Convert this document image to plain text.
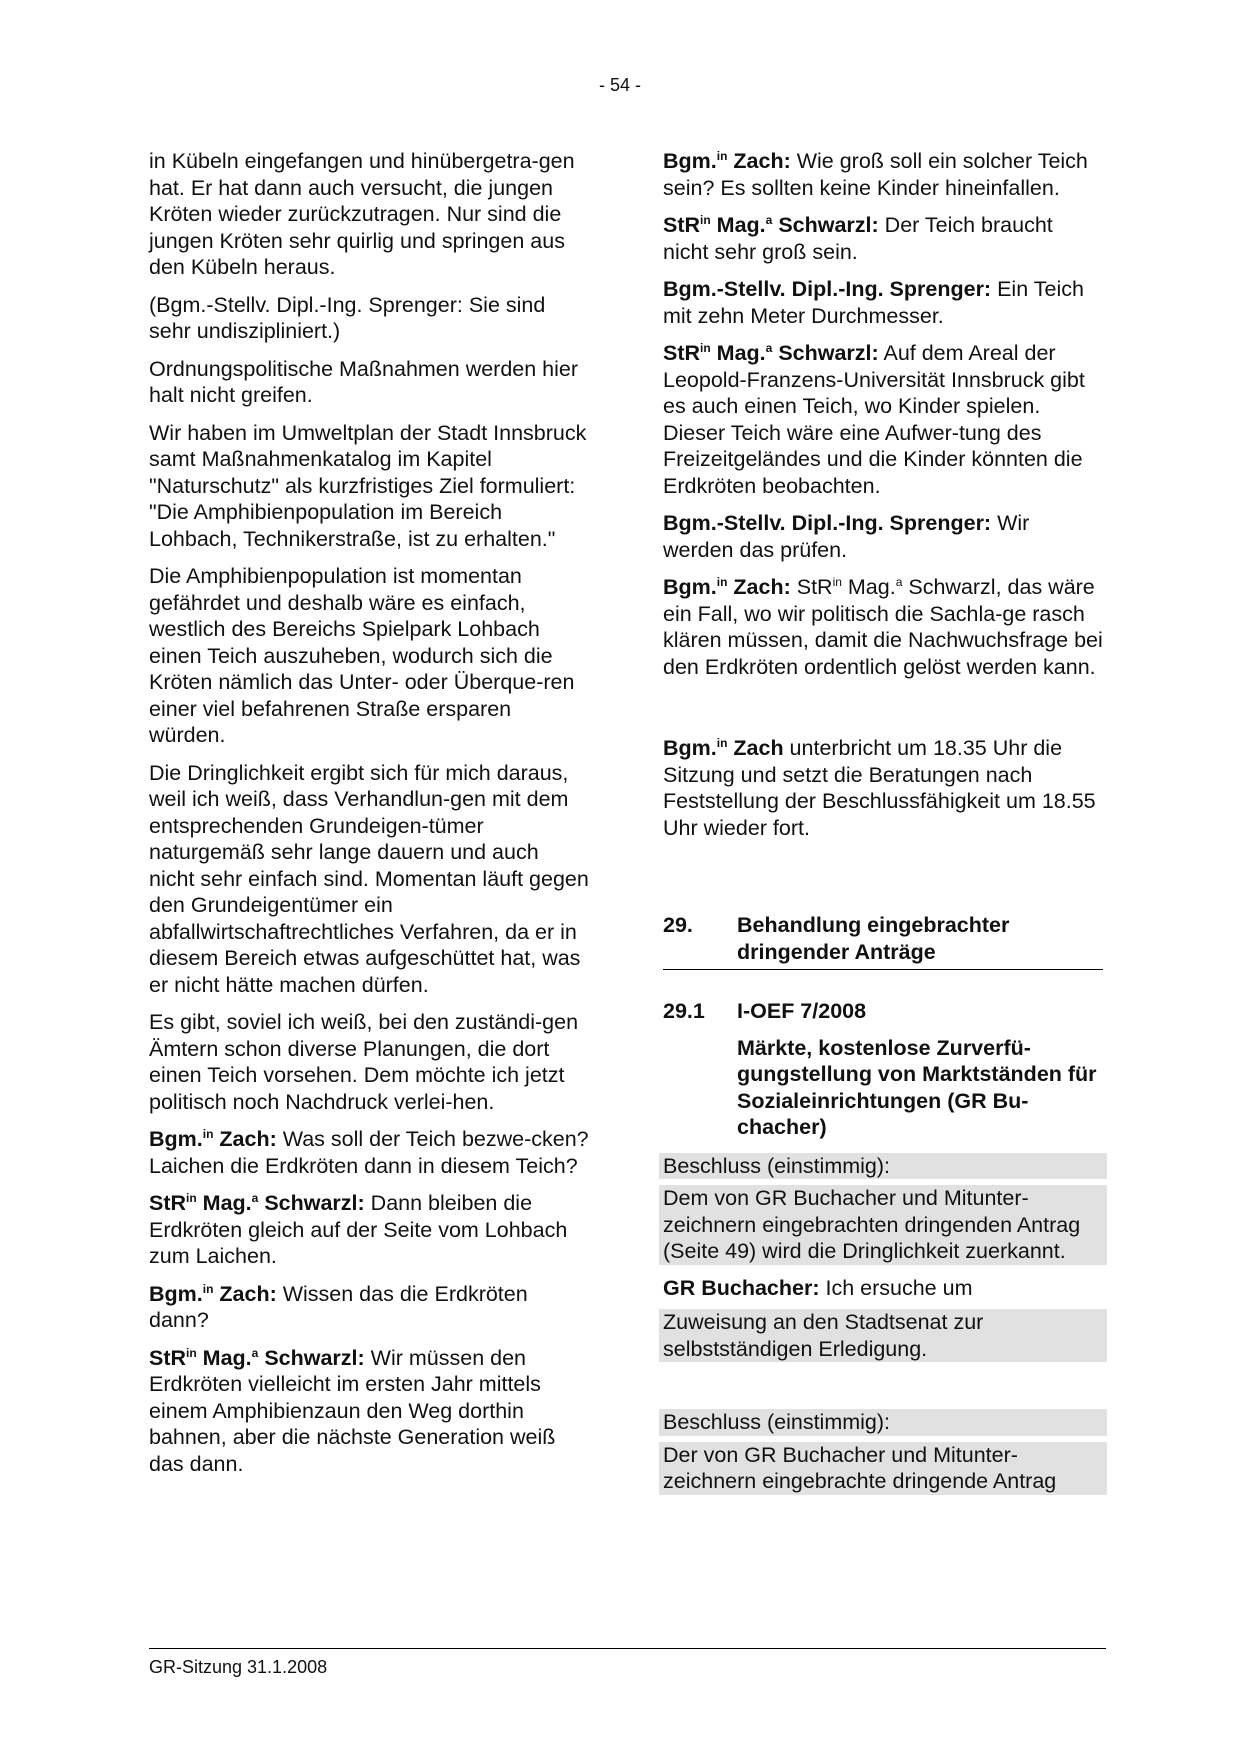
- 54 -

in Kübeln eingefangen und hinübergetra-gen hat. Er hat dann auch versucht, die jungen Kröten wieder zurückzutragen. Nur sind die jungen Kröten sehr quirlig und springen aus den Kübeln heraus.

(Bgm.-Stellv. Dipl.-Ing. Sprenger: Sie sind sehr undiszipliniert.)

Ordnungspolitische Maßnahmen werden hier halt nicht greifen.

Wir haben im Umweltplan der Stadt Innsbruck samt Maßnahmenkatalog im Kapitel "Naturschutz" als kurzfristiges Ziel formuliert: "Die Amphibienpopulation im Bereich Lohbach, Technikerstraße, ist zu erhalten."

Die Amphibienpopulation ist momentan gefährdet und deshalb wäre es einfach, westlich des Bereichs Spielpark Lohbach einen Teich auszuheben, wodurch sich die Kröten nämlich das Unter- oder Überque-ren einer viel befahrenen Straße ersparen würden.

Die Dringlichkeit ergibt sich für mich daraus, weil ich weiß, dass Verhandlun-gen mit dem entsprechenden Grundeigen-tümer naturgemäß sehr lange dauern und auch nicht sehr einfach sind. Momentan läuft gegen den Grundeigentümer ein abfallwirtschaftrechtliches Verfahren, da er in diesem Bereich etwas aufgeschüttet hat, was er nicht hätte machen dürfen.

Es gibt, soviel ich weiß, bei den zuständi-gen Ämtern schon diverse Planungen, die dort einen Teich vorsehen. Dem möchte ich jetzt politisch noch Nachdruck verlei-hen.

Bgm.$^{in}$ Zach: Was soll der Teich bezwe-cken? Laichen die Erdkröten dann in diesem Teich?

StR$^{in}$ Mag.$^a$ Schwarzl: Dann bleiben die Erdkröten gleich auf der Seite vom Lohbach zum Laichen.

Bgm.$^{in}$ Zach: Wissen das die Erdkröten dann?

StR$^{in}$ Mag.$^a$ Schwarzl: Wir müssen den Erdkröten vielleicht im ersten Jahr mittels einem Amphibienzaun den Weg dorthin bahnen, aber die nächste Generation weiß das dann.

Bgm.$^{in}$ Zach: Wie groß soll ein solcher Teich sein? Es sollten keine Kinder hineinfallen.

StR$^{in}$ Mag.$^a$ Schwarzl: Der Teich braucht nicht sehr groß sein.

Bgm.-Stellv. Dipl.-Ing. Sprenger: Ein Teich mit zehn Meter Durchmesser.

StR$^{in}$ Mag.$^a$ Schwarzl: Auf dem Areal der Leopold-Franzens-Universität Innsbruck gibt es auch einen Teich, wo Kinder spielen. Dieser Teich wäre eine Aufwer-tung des Freizeitgeländes und die Kinder könnten die Erdkröten beobachten.

Bgm.-Stellv. Dipl.-Ing. Sprenger: Wir werden das prüfen.

Bgm.$^{in}$ Zach: StR$^{in}$ Mag.$^a$ Schwarzl, das wäre ein Fall, wo wir politisch die Sachla-ge rasch klären müssen, damit die Nachwuchsfrage bei den Erdkröten ordentlich gelöst werden kann.

Bgm.$^{in}$ Zach unterbricht um 18.35 Uhr die Sitzung und setzt die Beratungen nach Feststellung der Beschlussfähigkeit um 18.55 Uhr wieder fort.

29.	Behandlung eingebrachter dringender Anträge
29.1	I-OEF 7/2008
Märkte, kostenlose Zurverfü-gungstellung von Marktständen für Sozialeinrichtungen (GR Bu-chacher)
Beschluss (einstimmig):
Dem von GR Buchacher und Mitunter-zeichnern eingebrachten dringenden Antrag (Seite 49) wird die Dringlichkeit zuerkannt.

GR Buchacher: Ich ersuche um

Zuweisung an den Stadtsenat zur selbstständigen Erledigung.
Beschluss (einstimmig):
Der von GR Buchacher und Mitunter-zeichnern eingebrachte dringende Antrag
GR-Sitzung 31.1.2008
